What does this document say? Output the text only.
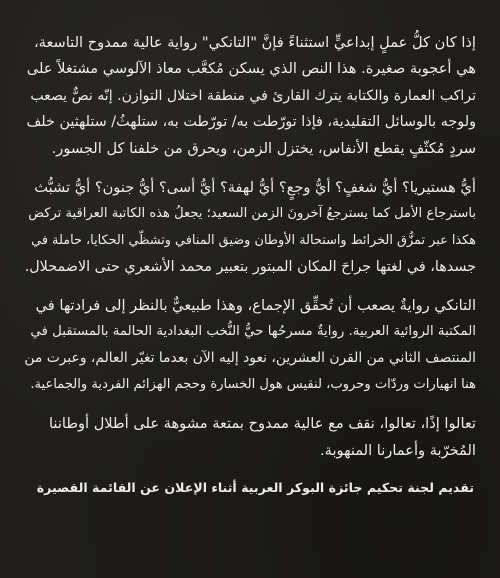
إذا كان كلُّ عملٍ إبداعيٍّ استثناءً فإنَّ "التانكي" رواية عالية ممدوح التاسعة،
هي أعجوبة صغيرة. هذا النص الذي يسكن مُكعَّب معاذ الآلوسي مشتغلاً على
تراكب العمارة والكتابة يترك القارئ في منطقة اختلال التوازن. إنّه نصٌّ يصعب
ولوجه بالوسائل التقليدية، فإذا تورّطت به/ تورّطت به، ستلهثُ/ ستلهثين خلف
سردٍ مُكثّفٍ يقطع الأنفاس، يختزل الزمن، ويحرق من خلفنا كل الجسور.
أيُّ هستيريا؟ أيُّ شغفٍ؟ أيُّ وجعٍ؟ أيُّ لهفة؟ أيُّ أسى؟ أيُّ جنون؟ أيُّ تشبُّث
باسترجاع الأمل كما يسترجعُ آخرونَ الزمن السعيد؛ يجعلُ هذه الكاتبة العراقية تركض
هكذا عبر تمزُّق الخرائط واستحالة الأوطان وضيق المنافي وتشظّي الحكايا، حاملة في
جسدها، في لغتها جراحَ المكان المبتور بتعبير محمد الأشعري حتى الاضمحلال.
التانكي روايةٌ يصعب أن تُحقِّق الإجماع، وهذا طبيعيٌّ بالنظر إلى فرادتها في
المكتبة الروائية العربية. روايةٌ مسرحُها حيُّ النُّخب البغدادية الحالمة بالمستقبل في
المنتصف الثاني من القرن العشرين، نعود إليه الآن بعدما تغيّر العالم، وعبرت من
هنا انهيارات وردّات وحروب، لنقيس هول الخسارة وحجم الهزائم الفردية والجماعية.
تعالوا إذًا، تعالوا، نقف مع عالية ممدوح بمتعة مشوهة على أطلال أوطاننا
المُخرّبة وأعمارنا المنهوبة.
تقديم لجنة تحكيم جائزة البوكر العربية أثناء الإعلان عن القائمة القصيرة
